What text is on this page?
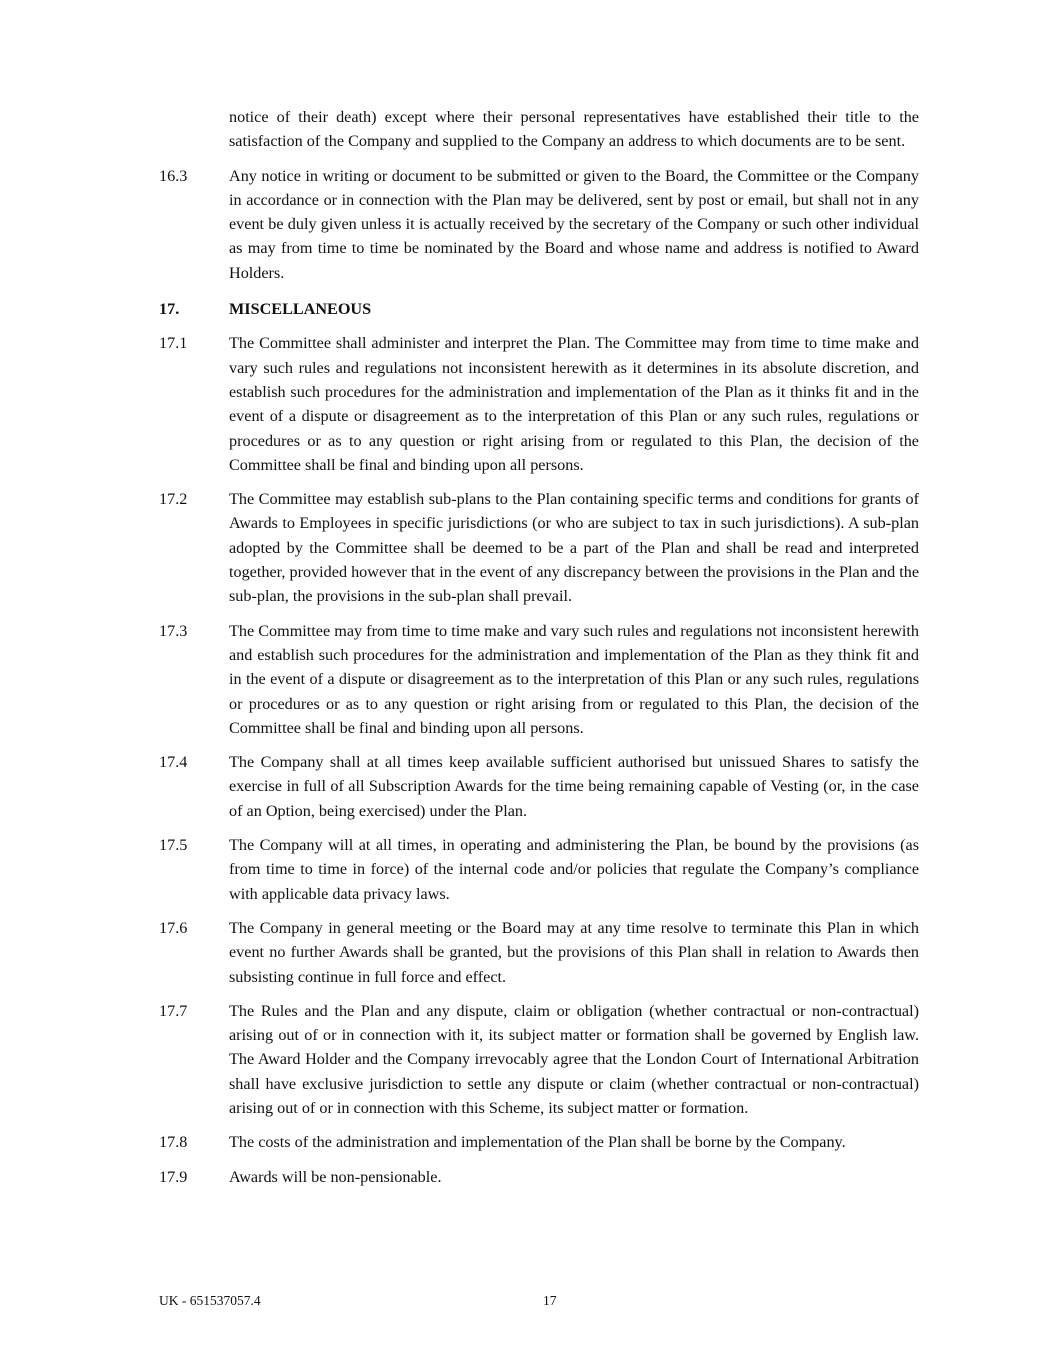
notice of their death) except where their personal representatives have established their title to the satisfaction of the Company and supplied to the Company an address to which documents are to be sent.
16.3	Any notice in writing or document to be submitted or given to the Board, the Committee or the Company in accordance or in connection with the Plan may be delivered, sent by post or email, but shall not in any event be duly given unless it is actually received by the secretary of the Company or such other individual as may from time to time be nominated by the Board and whose name and address is notified to Award Holders.
17.	MISCELLANEOUS
17.1	The Committee shall administer and interpret the Plan. The Committee may from time to time make and vary such rules and regulations not inconsistent herewith as it determines in its absolute discretion, and establish such procedures for the administration and implementation of the Plan as it thinks fit and in the event of a dispute or disagreement as to the interpretation of this Plan or any such rules, regulations or procedures or as to any question or right arising from or regulated to this Plan, the decision of the Committee shall be final and binding upon all persons.
17.2	The Committee may establish sub-plans to the Plan containing specific terms and conditions for grants of Awards to Employees in specific jurisdictions (or who are subject to tax in such jurisdictions). A sub-plan adopted by the Committee shall be deemed to be a part of the Plan and shall be read and interpreted together, provided however that in the event of any discrepancy between the provisions in the Plan and the sub-plan, the provisions in the sub-plan shall prevail.
17.3	The Committee may from time to time make and vary such rules and regulations not inconsistent herewith and establish such procedures for the administration and implementation of the Plan as they think fit and in the event of a dispute or disagreement as to the interpretation of this Plan or any such rules, regulations or procedures or as to any question or right arising from or regulated to this Plan, the decision of the Committee shall be final and binding upon all persons.
17.4	The Company shall at all times keep available sufficient authorised but unissued Shares to satisfy the exercise in full of all Subscription Awards for the time being remaining capable of Vesting (or, in the case of an Option, being exercised) under the Plan.
17.5	The Company will at all times, in operating and administering the Plan, be bound by the provisions (as from time to time in force) of the internal code and/or policies that regulate the Company’s compliance with applicable data privacy laws.
17.6	The Company in general meeting or the Board may at any time resolve to terminate this Plan in which event no further Awards shall be granted, but the provisions of this Plan shall in relation to Awards then subsisting continue in full force and effect.
17.7	The Rules and the Plan and any dispute, claim or obligation (whether contractual or non-contractual) arising out of or in connection with it, its subject matter or formation shall be governed by English law. The Award Holder and the Company irrevocably agree that the London Court of International Arbitration shall have exclusive jurisdiction to settle any dispute or claim (whether contractual or non-contractual) arising out of or in connection with this Scheme, its subject matter or formation.
17.8	The costs of the administration and implementation of the Plan shall be borne by the Company.
17.9	Awards will be non-pensionable.
UK - 651537057.4	17
